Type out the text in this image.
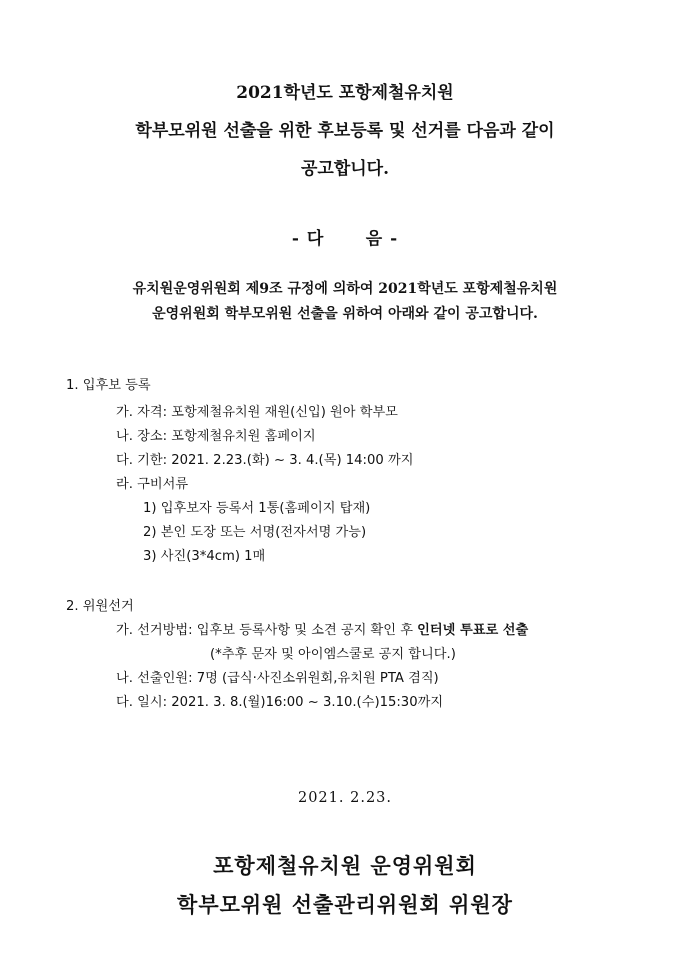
2021학년도 포항제철유치원
학부모위원 선출을 위한 후보등록 및 선거를 다음과 같이
공고합니다.
- 다      음 -
유치원운영위원회 제9조 규정에 의하여 2021학년도 포항제철유치원
운영위원회 학부모위원 선출을 위하여 아래와 같이 공고합니다.
1. 입후보 등록
가. 자격: 포항제철유치원 재원(신입) 원아 학부모
나. 장소: 포항제철유치원 홈페이지
다. 기한: 2021. 2.23.(화) ~ 3. 4.(목) 14:00 까지
라. 구비서류
1) 입후보자 등록서 1통(홈페이지 탑재)
2) 본인 도장 또는 서명(전자서명 가능)
3) 사진(3*4cm) 1매
2. 위원선거
가. 선거방법: 입후보 등록사항 및 소견 공지 확인 후 인터넷 투표로 선출
(*추후 문자 및 아이엠스쿨로 공지 합니다.)
나. 선출인원: 7명 (급식·사진소위원회,유치원 PTA 겸직)
다. 일시: 2021. 3. 8.(월)16:00 ~ 3.10.(수)15:30까지
2021. 2.23.
포항제철유치원 운영위원회
학부모위원 선출관리위원회 위원장
